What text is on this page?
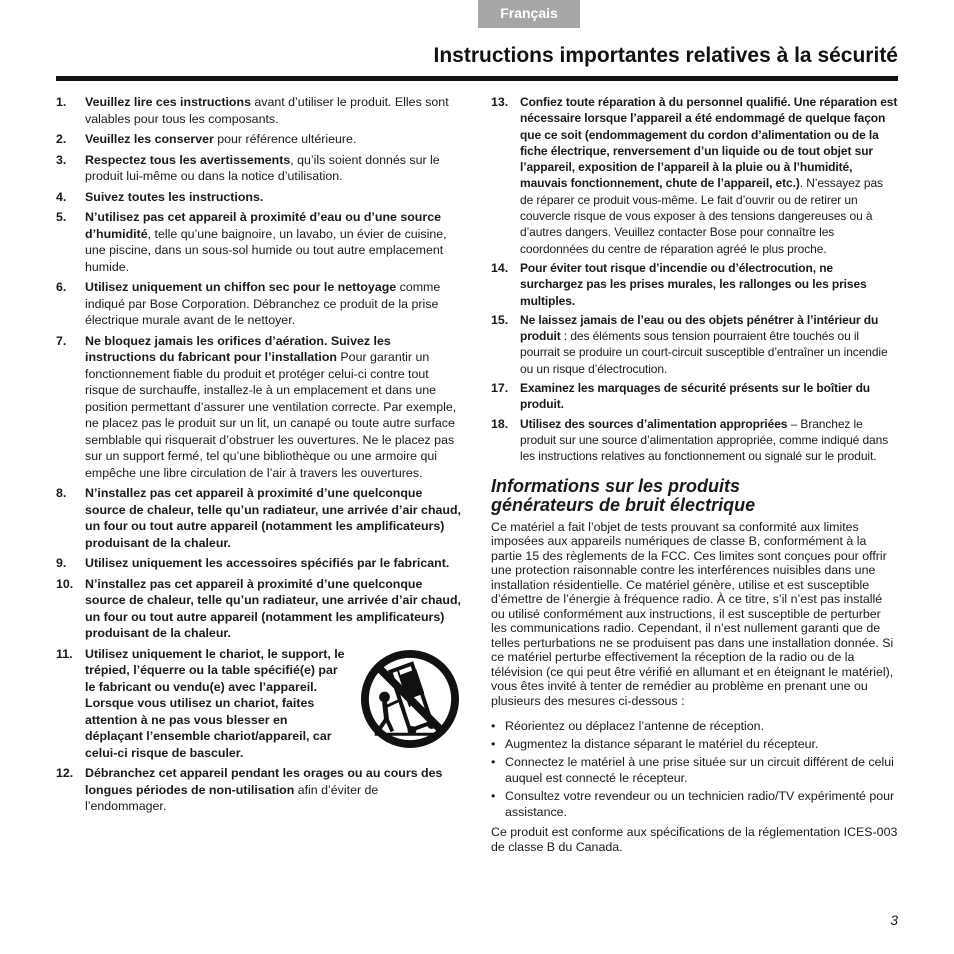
Français
Instructions importantes relatives à la sécurité
1.	Veuillez lire ces instructions avant d’utiliser le produit. Elles sont valables pour tous les composants.
2.	Veuillez les conserver pour référence ultérieure.
3.	Respectez tous les avertissements, qu’ils soient donnés sur le produit lui-même ou dans la notice d’utilisation.
4.	Suivez toutes les instructions.
5.	N’utilisez pas cet appareil à proximité d’eau ou d’une source d’humidité, telle qu’une baignoire, un lavabo, un évier de cuisine, une piscine, dans un sous-sol humide ou tout autre emplacement humide.
6.	Utilisez uniquement un chiffon sec pour le nettoyage comme indiqué par Bose Corporation. Débranchez ce produit de la prise électrique murale avant de le nettoyer.
7.	Ne bloquez jamais les orifices d’aération. Suivez les instructions du fabricant pour l’installation Pour garantir un fonctionnement fiable du produit et protéger celui-ci contre tout risque de surchauffe, installez-le à un emplacement et dans une position permettant d’assurer une ventilation correcte. Par exemple, ne placez pas le produit sur un lit, un canapé ou toute autre surface semblable qui risquerait d’obstruer les ouvertures. Ne le placez pas sur un support fermé, tel qu’une bibliothèque ou une armoire qui empêche une libre circulation de l’air à travers les ouvertures.
8.	N’installez pas cet appareil à proximité d’une quelconque source de chaleur, telle qu’un radiateur, une arrivée d’air chaud, un four ou tout autre appareil (notamment les amplificateurs) produisant de la chaleur.
9.	Utilisez uniquement les accessoires spécifiés par le fabricant.
10. N’installez pas cet appareil à proximité d’une quelconque source de chaleur, telle qu’un radiateur, une arrivée d’air chaud, un four ou tout autre appareil (notamment les amplificateurs) produisant de la chaleur.
11.	Utilisez uniquement le chariot, le support, le trépied, l’équerre ou la table spécifié(e) par le fabricant ou vendu(e) avec l’appareil. Lorsque vous utilisez un chariot, faites attention à ne pas vous blesser en déplaçant l’ensemble chariot/appareil, car celui-ci risque de basculer.
12. Débranchez cet appareil pendant les orages ou au cours des longues périodes de non-utilisation afin d’éviter de l’endommager.
13. Confiez toute réparation à du personnel qualifié. Une réparation est nécessaire lorsque l’appareil a été endommagé de quelque façon que ce soit (endommagement du cordon d’alimentation ou de la fiche électrique, renversement d’un liquide ou de tout objet sur l’appareil, exposition de l’appareil à la pluie ou à l’humidité, mauvais fonctionnement, chute de l’appareil, etc.). N’essayez pas de réparer ce produit vous-même. Le fait d’ouvrir ou de retirer un couvercle risque de vous exposer à des tensions dangereuses ou à d’autres dangers. Veuillez contacter Bose pour connaître les coordonnées du centre de réparation agréé le plus proche.
14. Pour éviter tout risque d’incendie ou d’électrocution, ne surchargez pas les prises murales, les rallonges ou les prises multiples.
15. Ne laissez jamais de l’eau ou des objets pénétrer à l’intérieur du produit : des éléments sous tension pourraient être touchés ou il pourrait se produire un court-circuit susceptible d’entraîner un incendie ou un risque d’électrocution.
17. Examinez les marquages de sécurité présents sur le boîtier du produit.
18. Utilisez des sources d’alimentation appropriées – Branchez le produit sur une source d’alimentation appropriée, comme indiqué dans les instructions relatives au fonctionnement ou signalé sur le produit.
Informations sur les produits
générateurs de bruit électrique

Ce matériel a fait l’objet de tests prouvant sa conformité aux limites imposées aux appareils numériques de classe B, conformément à la partie 15 des règlements de la FCC. Ces limites sont conçues pour offrir une protection raisonnable contre les interférences nuisibles dans une installation résidentielle. Ce matériel génère, utilise et est susceptible d’émettre de l’énergie à fréquence radio. À ce titre, s’il n’est pas installé ou utilisé conformément aux instructions, il est susceptible de perturber les communications radio. Cependant, il n’est nullement garanti que de telles perturbations ne se produisent pas dans une installation donnée. Si ce matériel perturbe effectivement la réception de la radio ou de la télévision (ce qui peut être vérifié en allumant et en éteignant le matériel), vous êtes invité à tenter de remédier au problème en prenant une ou plusieurs des mesures ci-dessous :

• Réorientez ou déplacez l’antenne de réception.
• Augmentez la distance séparant le matériel du récepteur.
• Connectez le matériel à une prise située sur un circuit différent de celui auquel est connecté le récepteur.
• Consultez votre revendeur ou un technicien radio/TV expérimenté pour assistance.

Ce produit est conforme aux spécifications de la réglementation ICES-003 de classe B du Canada.

3
